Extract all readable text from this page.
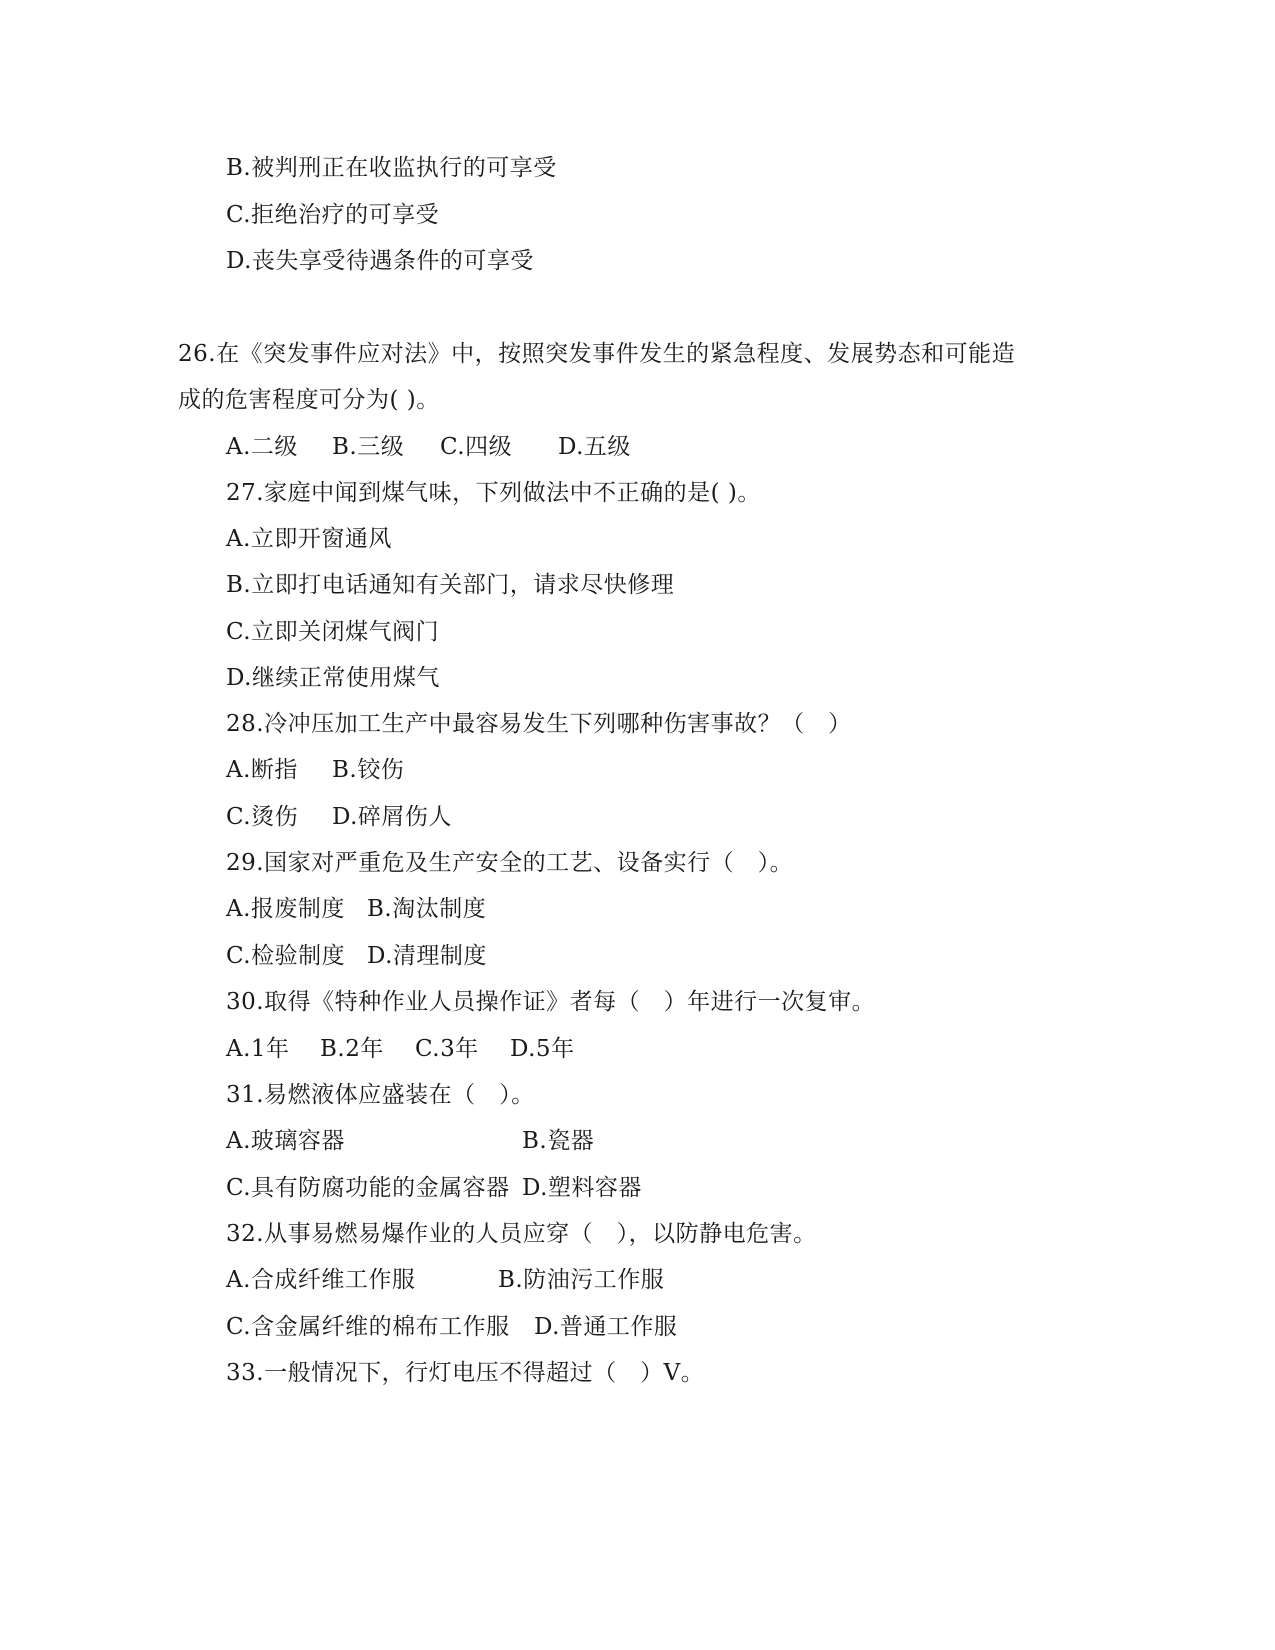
B.被判刑正在收监执行的可享受
C.拒绝治疗的可享受
D.丧失享受待遇条件的可享受
26.在《突发事件应对法》中，按照突发事件发生的紧急程度、发展势态和可能造
成的危害程度可分为( )。
A.二级 B.三级 C.四级 D.五级
27.家庭中闻到煤气味，下列做法中不正确的是( )。
A.立即开窗通风
B.立即打电话通知有关部门，请求尽快修理
C.立即关闭煤气阀门
D.继续正常使用煤气
28.冷冲压加工生产中最容易发生下列哪种伤害事故？（　）
A.断指 B.铰伤
C.烫伤 D.碎屑伤人
29.国家对严重危及生产安全的工艺、设备实行（　）。
A.报废制度 B.淘汰制度
C.检验制度 D.清理制度
30.取得《特种作业人员操作证》者每（　）年进行一次复审。
A.1年 B.2年 C.3年 D.5年
31.易燃液体应盛装在（　）。
A.玻璃容器	B.瓷器
C.具有防腐功能的金属容器 D.塑料容器
32.从事易燃易爆作业的人员应穿（　），以防静电危害。
A.合成纤维工作服	B.防油污工作服
C.含金属纤维的棉布工作服 D.普通工作服
33.一般情况下，行灯电压不得超过（　）V。
